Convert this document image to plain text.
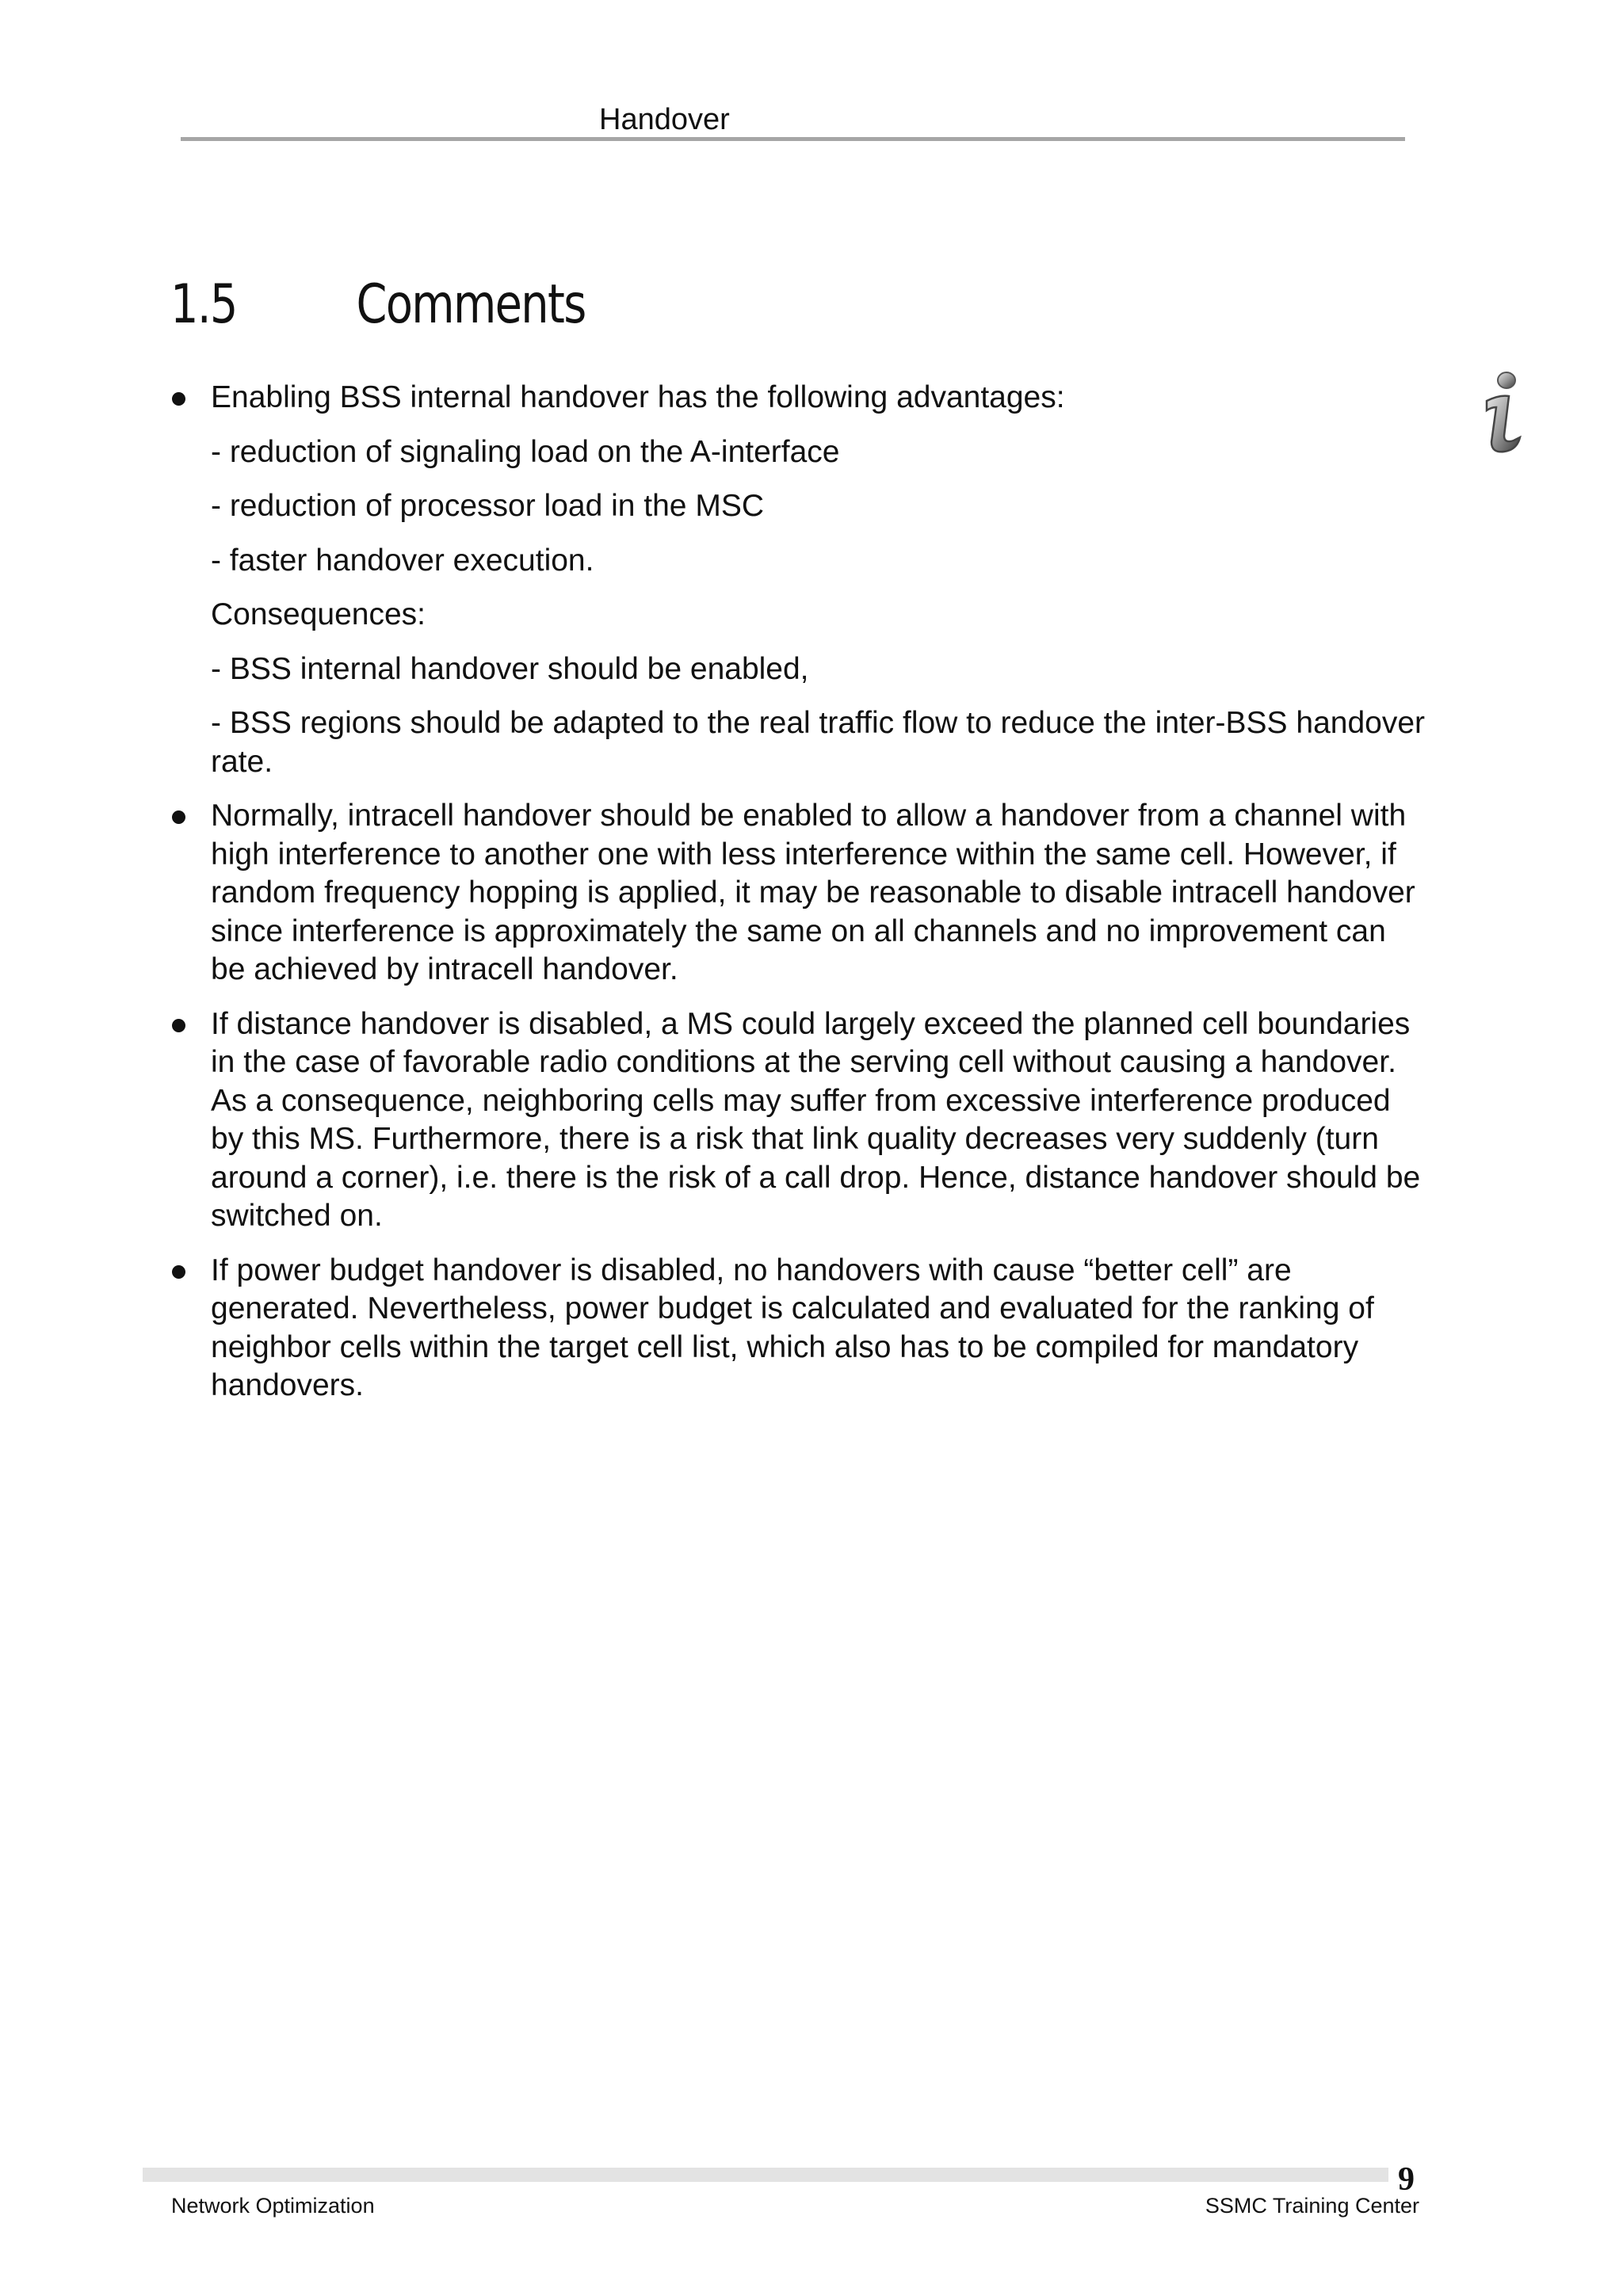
Handover
1.5 Comments

Enabling BSS internal handover has the following advantages:

- reduction of signaling load on the A-interface

- reduction of processor load in the MSC

- faster handover execution.

Consequences:

- BSS internal handover should be enabled,

- BSS regions should be adapted to the real traffic flow to reduce the inter-BSS handover rate.

Normally, intracell handover should be enabled to allow a handover from a channel with high interference to another one with less interference within the same cell. However, if random frequency hopping is applied, it may be reasonable to disable intracell handover since interference is approximately the same on all channels and no improvement can be achieved by intracell handover.

If distance handover is disabled, a MS could largely exceed the planned cell boundaries in the case of favorable radio conditions at the serving cell without causing a handover. As a consequence, neighboring cells may suffer from excessive interference produced by this MS. Furthermore, there is a risk that link quality decreases very suddenly (turn around a corner), i.e. there is the risk of a call drop. Hence, distance handover should be switched on.

If power budget handover is disabled, no handovers with cause “better cell” are generated. Nevertheless, power budget is calculated and evaluated for the ranking of neighbor cells within the target cell list, which also has to be compiled for mandatory handovers.

9
Network Optimization	SSMC Training Center
